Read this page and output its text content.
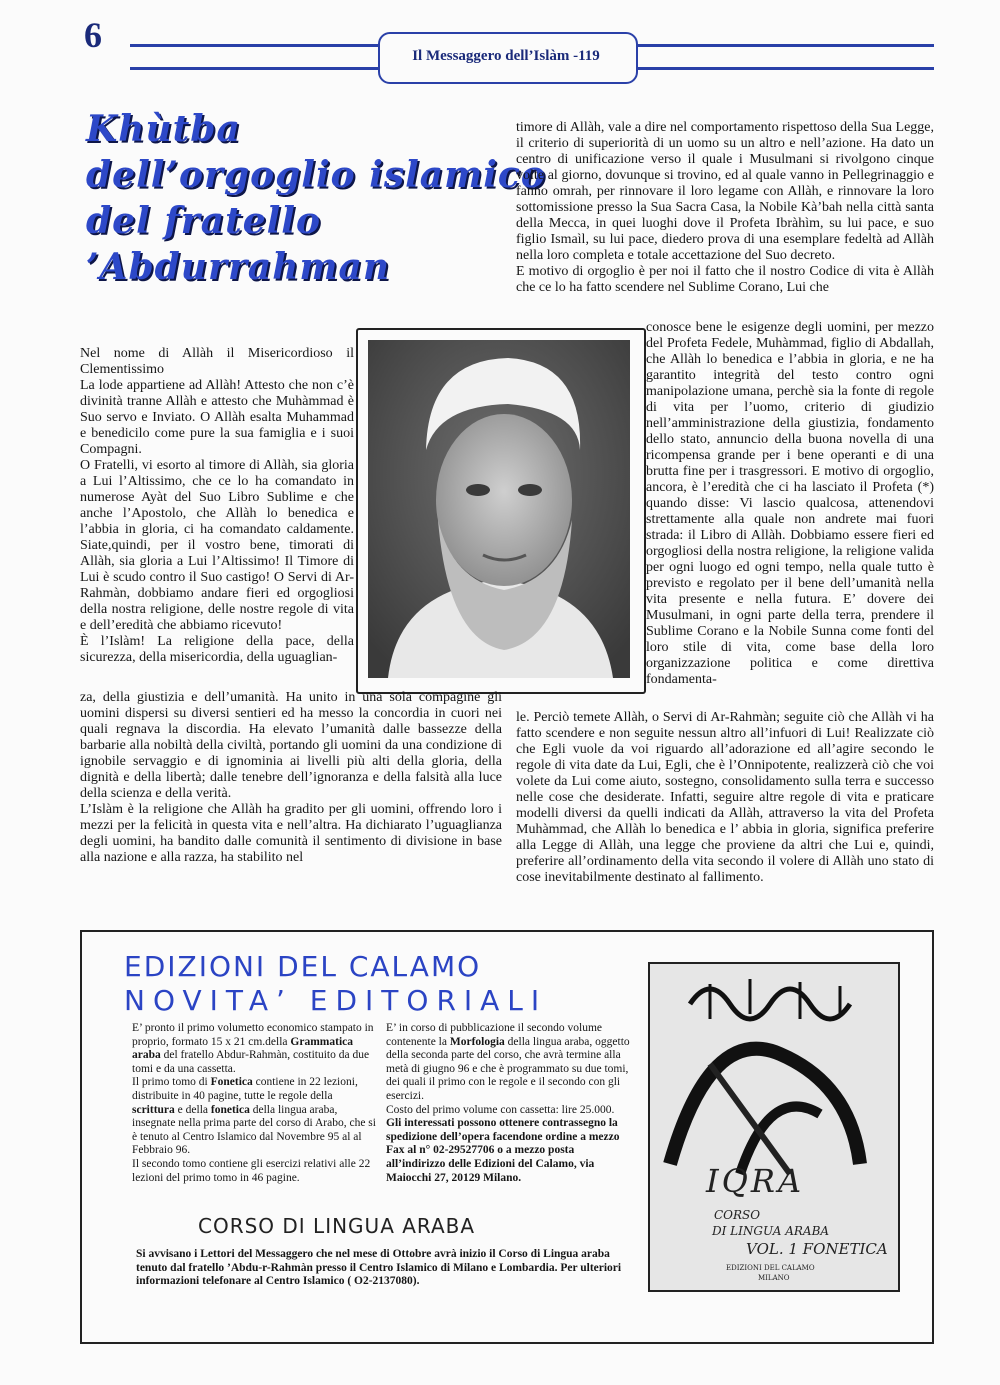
6
Il Messaggero dell’Islàm -119
Khùtba
dell’orgoglio islamico
del fratello
’Abdurrahman

Nel nome di Allàh il Misericordioso il Clementissimo

La lode appartiene ad Allàh! Attesto che non c’è divinità tranne Allàh e attesto che Muhàmmad è Suo servo e Inviato. O Allàh esalta Muhammad e benedicilo come pure la sua famiglia e i suoi Compagni.

O Fratelli, vi esorto al timore di Allàh, sia gloria a Lui l’Altissimo, che ce lo ha comandato in numerose Ayàt del Suo Libro Sublime e che anche l’Apostolo, che Allàh lo benedica e l’abbia in gloria, ci ha comandato caldamente. Siate,quindi, per il vostro bene, timorati di Allàh, sia gloria a Lui l’Altissimo! Il Timore di Lui è scudo contro il Suo castigo! O Servi di Ar-Rahmàn, dobbiamo andare fieri ed orgogliosi della nostra religione, delle nostre regole di vita e dell’eredità che abbiamo ricevuto!

È l’Islàm! La religione della pace, della sicurezza, della misericordia, della uguaglian-

za, della giustizia e dell’umanità. Ha unito in una sola compagine gli uomini dispersi su diversi sentieri ed ha messo la concordia in cuori nei quali regnava la discordia. Ha elevato l’umanità dalle bassezze della barbarie alla nobiltà della civiltà, portando gli uomini da una condizione di ignobile servaggio e di ignominia ai livelli più alti della gloria, della dignità e della libertà; dalle tenebre dell’ignoranza e della falsità alla luce della scienza e della verità.

L’Islàm è la religione che Allàh ha gradito per gli uomini, offrendo loro i mezzi per la felicità in questa vita e nell’altra. Ha dichiarato l’uguaglianza degli uomini, ha bandito dalle comunità il sentimento di divisione in base alla nazione e alla razza, ha stabilito nel

timore di Allàh, vale a dire nel comportamento rispettoso della Sua Legge, il criterio di superiorità di un uomo su un altro e nell’azione. Ha dato un centro di unificazione verso il quale i Musulmani si rivolgono cinque volte al giorno, dovunque si trovino, ed al quale vanno in Pellegrinaggio e fanno omrah, per rinnovare il loro legame con Allàh, e rinnovare la loro sottomissione presso la Sua Sacra Casa, la Nobile Kà’bah nella città santa della Mecca, in quei luoghi dove il Profeta Ibràhìm, su lui pace, e suo figlio Ismaìl, su lui pace, diedero prova di una esemplare fedeltà ad Allàh nella loro completa e totale accettazione del Suo decreto.

E motivo di orgoglio è per noi il fatto che il nostro Codice di vita è Allàh che ce lo ha fatto scendere nel Sublime Corano, Lui che

conosce bene le esigenze degli uomini, per mezzo del Profeta Fedele, Muhàmmad, figlio di Abdallah, che Allàh lo benedica e l’abbia in gloria, e ne ha garantito integrità del testo contro ogni manipolazione umana, perchè sia la fonte di regole di vita per l’uomo, criterio di giudizio nell’amministrazione della giustizia, fondamento dello stato, annuncio della buona novella di una ricompensa grande per i bene operanti e di una brutta fine per i trasgressori. E motivo di orgoglio, ancora, è l’eredità che ci ha lasciato il Profeta (*) quando disse: Vi lascio qualcosa, attenendovi strettamente alla quale non andrete mai fuori strada: il Libro di Allàh. Dobbiamo essere fieri ed orgogliosi della nostra religione, la religione valida per ogni luogo ed ogni tempo, nella quale tutto è previsto e regolato per il bene dell’umanità nella vita presente e nella futura. E’ dovere dei Musulmani, in ogni parte della terra, prendere il Sublime Corano e la Nobile Sunna come fonti del loro stile di vita, come base della loro organizzazione politica e come direttiva fondamenta-

le. Perciò temete Allàh, o Servi di Ar-Rahmàn; seguite ciò che Allàh vi ha fatto scendere e non seguite nessun altro all’infuori di Lui! Realizzate ciò che Egli vuole da voi riguardo all’adorazione ed all’agire secondo le regole di vita date da Lui, Egli, che è l’Onnipotente, realizzerà ciò che voi volete da Lui come aiuto, sostegno, consolidamento sulla terra e successo nelle cose che desiderate. Infatti, seguire altre regole di vita e praticare modelli diversi da quelli indicati da Allàh, attraverso la vita del Profeta Muhàmmad, che Allàh lo benedica e l’ abbia in gloria, significa preferire alla Legge di Allàh, una legge che proviene da altri che Lui e, quindi, preferire all’ordinamento della vita secondo il volere di Allàh uno stato di cose inevitabilmente destinato al fallimento.

EDIZIONI DEL CALAMO
NOVITA’ EDITORIALI

E’ pronto il primo volumetto economico stampato in proprio, formato 15 x 21 cm.della Grammatica araba del fratello Abdur-Rahmàn, costituito da due tomi e da una cassetta.

Il primo tomo di Fonetica contiene in 22 lezioni, distribuite in 40 pagine, tutte le regole della scrittura e della fonetica della lingua araba, insegnate nella prima parte del corso di Arabo, che si è tenuto al Centro Islamico dal Novembre 95 al al Febbraio 96.

Il secondo tomo contiene gli esercizi relativi alle 22 lezioni del primo tomo in 46 pagine.

E’ in corso di pubblicazione il secondo volume contenente la Morfologia della lingua araba, oggetto della seconda parte del corso, che avrà termine alla metà di giugno 96 e che è programmato su due tomi, dei quali il primo con le regole e il secondo con gli esercizi.

Costo del primo volume con cassetta: lire 25.000.

Gli interessati possono ottenere contrassegno la spedizione dell’opera facendone ordine a mezzo Fax al n° 02-29527706 o a mezzo posta all’indirizzo delle Edizioni del Calamo, via Maiocchi 27, 20129 Milano.

CORSO DI LINGUA ARABA
Si avvisano i Lettori del Messaggero che nel mese di Ottobre avrà inizio il Corso di Lingua araba tenuto dal fratello ’Abdu-r-Rahmàn presso il Centro Islamico di Milano e Lombardia. Per ulteriori informazioni telefonare al Centro Islamico ( O2-2137080).
IQRA
CORSO
DI LINGUA ARABA
VOL. 1 FONETICA
EDIZIONI DEL CALAMO
MILANO
